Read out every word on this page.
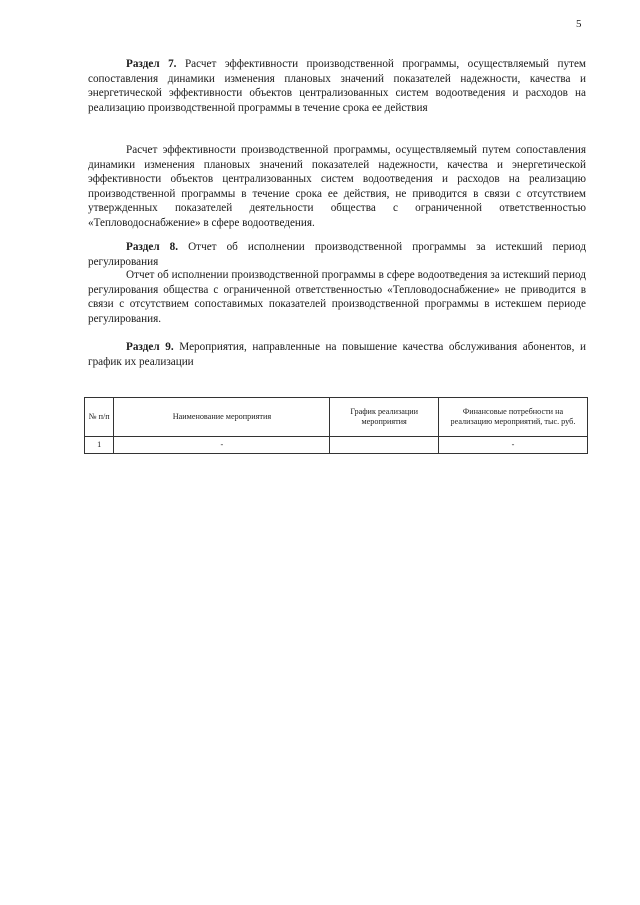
5
Раздел 7. Расчет эффективности производственной программы, осуществляемый путем сопоставления динамики изменения плановых значений показателей надежности, качества и энергетической эффективности объектов централизованных систем водоотведения и расходов на реализацию производственной программы в течение срока ее действия

Расчет эффективности производственной программы, осуществляемый путем сопоставления динамики изменения плановых значений показателей надежности, качества и энергетической эффективности объектов централизованных систем водоотведения и расходов на реализацию производственной программы в течение срока ее действия, не приводится в связи с отсутствием утвержденных показателей деятельности общества с ограниченной ответственностью «Тепловодоснабжение» в сфере водоотведения.

Раздел 8. Отчет об исполнении производственной программы за истекший период регулирования

Отчет об исполнении производственной программы в сфере водоотведения за истекший период регулирования общества с ограниченной ответственностью «Тепловодоснабжение» не приводится в связи с отсутствием сопоставимых показателей производственной программы в истекшем периоде регулирования.

Раздел 9. Мероприятия, направленные на повышение качества обслуживания абонентов, и график их реализации
№ п/п	Наименование мероприятия	График реализации мероприятия	Финансовые потребности на реализацию мероприятий, тыс. руб.
1	-		-
